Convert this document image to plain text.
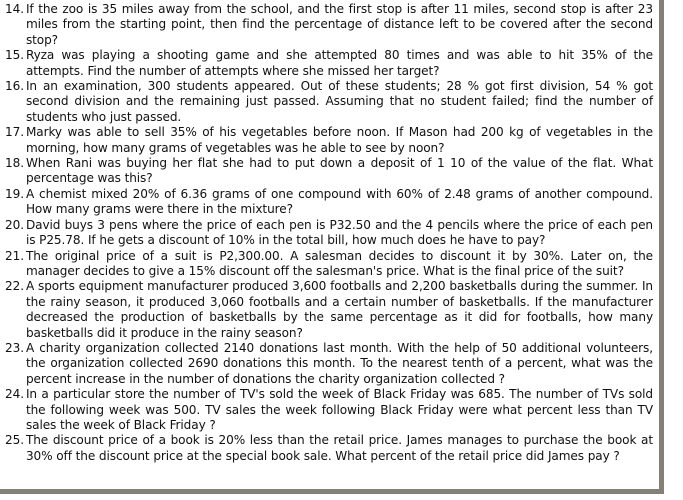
14. If the zoo is 35 miles away from the school, and the first stop is after 11 miles, second stop is after 23 miles from the starting point, then find the percentage of distance left to be covered after the second stop?
15. Ryza was playing a shooting game and she attempted 80 times and was able to hit 35% of the attempts. Find the number of attempts where she missed her target?
16. In an examination, 300 students appeared. Out of these students; 28 % got first division, 54 % got second division and the remaining just passed. Assuming that no student failed; find the number of students who just passed.
17. Marky was able to sell 35% of his vegetables before noon. If Mason had 200 kg of vegetables in the morning, how many grams of vegetables was he able to see by noon?
18. When Rani was buying her flat she had to put down a deposit of 1 10 of the value of the flat. What percentage was this?
19. A chemist mixed 20% of 6.36 grams of one compound with 60% of 2.48 grams of another compound. How many grams were there in the mixture?
20. David buys 3 pens where the price of each pen is P32.50 and the 4 pencils where the price of each pen is P25.78. If he gets a discount of 10% in the total bill, how much does he have to pay?
21. The original price of a suit is P2,300.00. A salesman decides to discount it by 30%. Later on, the manager decides to give a 15% discount off the salesman's price. What is the final price of the suit?
22. A sports equipment manufacturer produced 3,600 footballs and 2,200 basketballs during the summer. In the rainy season, it produced 3,060 footballs and a certain number of basketballs. If the manufacturer decreased the production of basketballs by the same percentage as it did for footballs, how many basketballs did it produce in the rainy season?
23. A charity organization collected 2140 donations last month. With the help of 50 additional volunteers, the organization collected 2690 donations this month. To the nearest tenth of a percent, what was the percent increase in the number of donations the charity organization collected ?
24. In a particular store the number of TV's sold the week of Black Friday was 685. The number of TVs sold the following week was 500. TV sales the week following Black Friday were what percent less than TV sales the week of Black Friday ?
25. The discount price of a book is 20% less than the retail price. James manages to purchase the book at 30% off the discount price at the special book sale. What percent of the retail price did James pay ?
